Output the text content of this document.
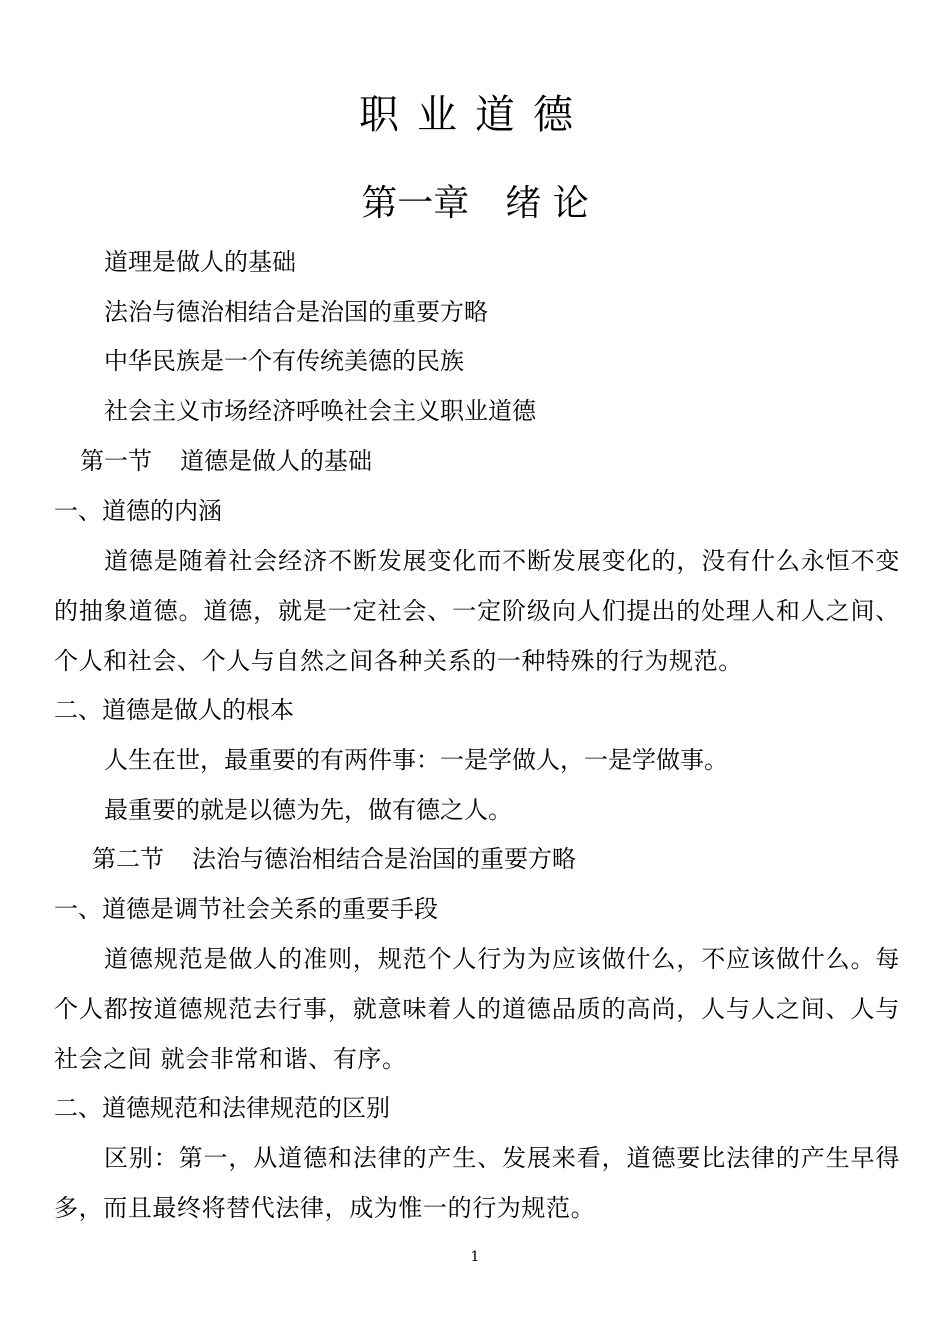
职业道德
第一章 绪 论
道理是做人的基础
法治与德治相结合是治国的重要方略
中华民族是一个有传统美德的民族
社会主义市场经济呼唤社会主义职业道德
第一节 道德是做人的基础
一、道德的内涵
道德是随着社会经济不断发展变化而不断发展变化的，没有什么永恒不变的抽象道德。道德，就是一定社会、一定阶级向人们提出的处理人和人之间、个人和社会、个人与自然之间各种关系的一种特殊的行为规范。
二、道德是做人的根本
人生在世，最重要的有两件事：一是学做人，一是学做事。
最重要的就是以德为先，做有德之人。
第二节 法治与德治相结合是治国的重要方略
一、道德是调节社会关系的重要手段
道德规范是做人的准则，规范个人行为为应该做什么，不应该做什么。每个人都按道德规范去行事，就意味着人的道德品质的高尚，人与人之间、人与社会之间 就会非常和谐、有序。
二、道德规范和法律规范的区别
区别：第一，从道德和法律的产生、发展来看，道德要比法律的产生早得多，而且最终将替代法律，成为惟一的行为规范。
1
